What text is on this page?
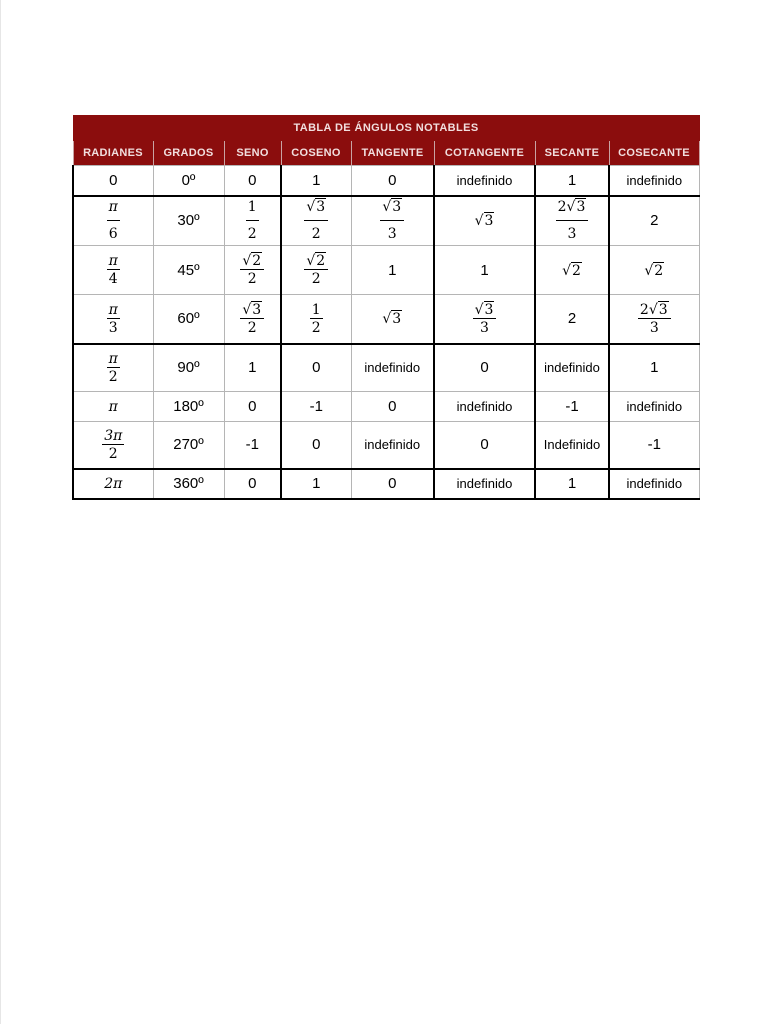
TABLA DE ÁNGULOS NOTABLES							
RADIANES	GRADOS	SENO	COSENO	TANGENTE	COTANGENTE	SECANTE	COSECANTE
0	0º	0	1	0	indefinido	1	indefinido

$\frac{\pi}{6}$	30º	$\frac{1}{2}$	$\frac{√3}{2}$	$\frac{√3}{3}$	√3	$\frac{2√3}{3}$	2

$\frac{\pi}{4}$	45º	$\frac{√2}{2}$	$\frac{√2}{2}$	1	1	√2	√2

$\frac{\pi}{3}$	60º	$\frac{√3}{2}$	$\frac{1}{2}$	√3	$\frac{√3}{3}$	2	$\frac{2√3}{3}$

$\frac{\pi}{2}$	90º	1	0	indefinido	0	indefinido	1
π	180º	0	-1	0	indefinido	-1	indefinido

$\frac{3\pi}{2}$	270º	-1	0	indefinido	0	Indefinido	-1
2π	360º	0	1	0	indefinido	1	indefinido
